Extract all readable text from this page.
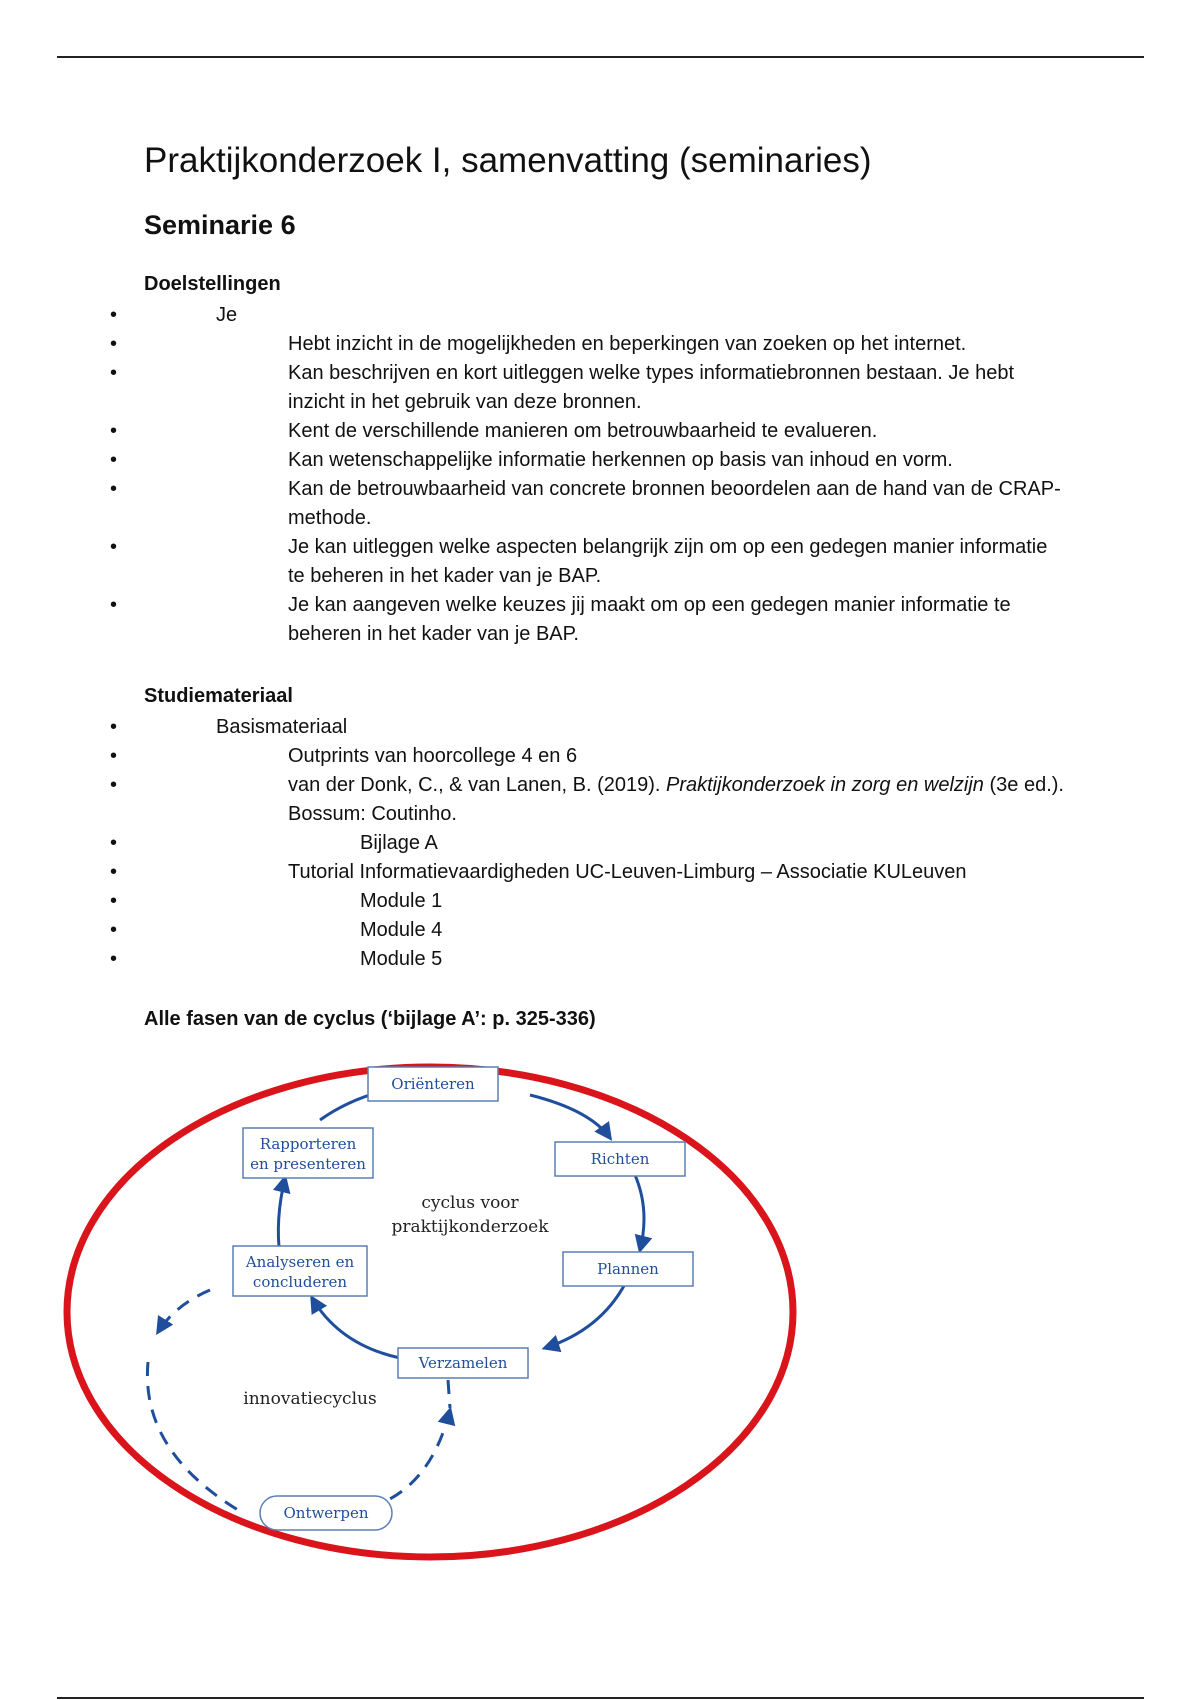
Praktijkonderzoek I, samenvatting (seminaries)
Seminarie 6
Doelstellingen
• Je
• Hebt inzicht in de mogelijkheden en beperkingen van zoeken op het internet.
• Kan beschrijven en kort uitleggen welke types informatiebronnen bestaan. Je hebt inzicht in het gebruik van deze bronnen.
• Kent de verschillende manieren om betrouwbaarheid te evalueren.
• Kan wetenschappelijke informatie herkennen op basis van inhoud en vorm.
• Kan de betrouwbaarheid van concrete bronnen beoordelen aan de hand van de CRAP-methode.
• Je kan uitleggen welke aspecten belangrijk zijn om op een gedegen manier informatie te beheren in het kader van je BAP.
• Je kan aangeven welke keuzes jij maakt om op een gedegen manier informatie te beheren in het kader van je BAP.
Studiemateriaal
• Basismateriaal
• Outprints van hoorcollege 4 en 6
• van der Donk, C., & van Lanen, B. (2019). Praktijkonderzoek in zorg en welzijn (3e ed.). Bossum: Coutinho.
• Bijlage A
• Tutorial Informatievaardigheden UC-Leuven-Limburg – Associatie KULeuven
• Module 1
• Module 4
• Module 5
Alle fasen van de cyclus (‘bijlage A’: p. 325-336)
Oriënteren
Richten
Plannen
Verzamelen
Analyseren en
concluderen
Rapporteren
en presenteren
Ontwerpen
cyclus voor
praktijkonderzoek
innovatiecyclus
